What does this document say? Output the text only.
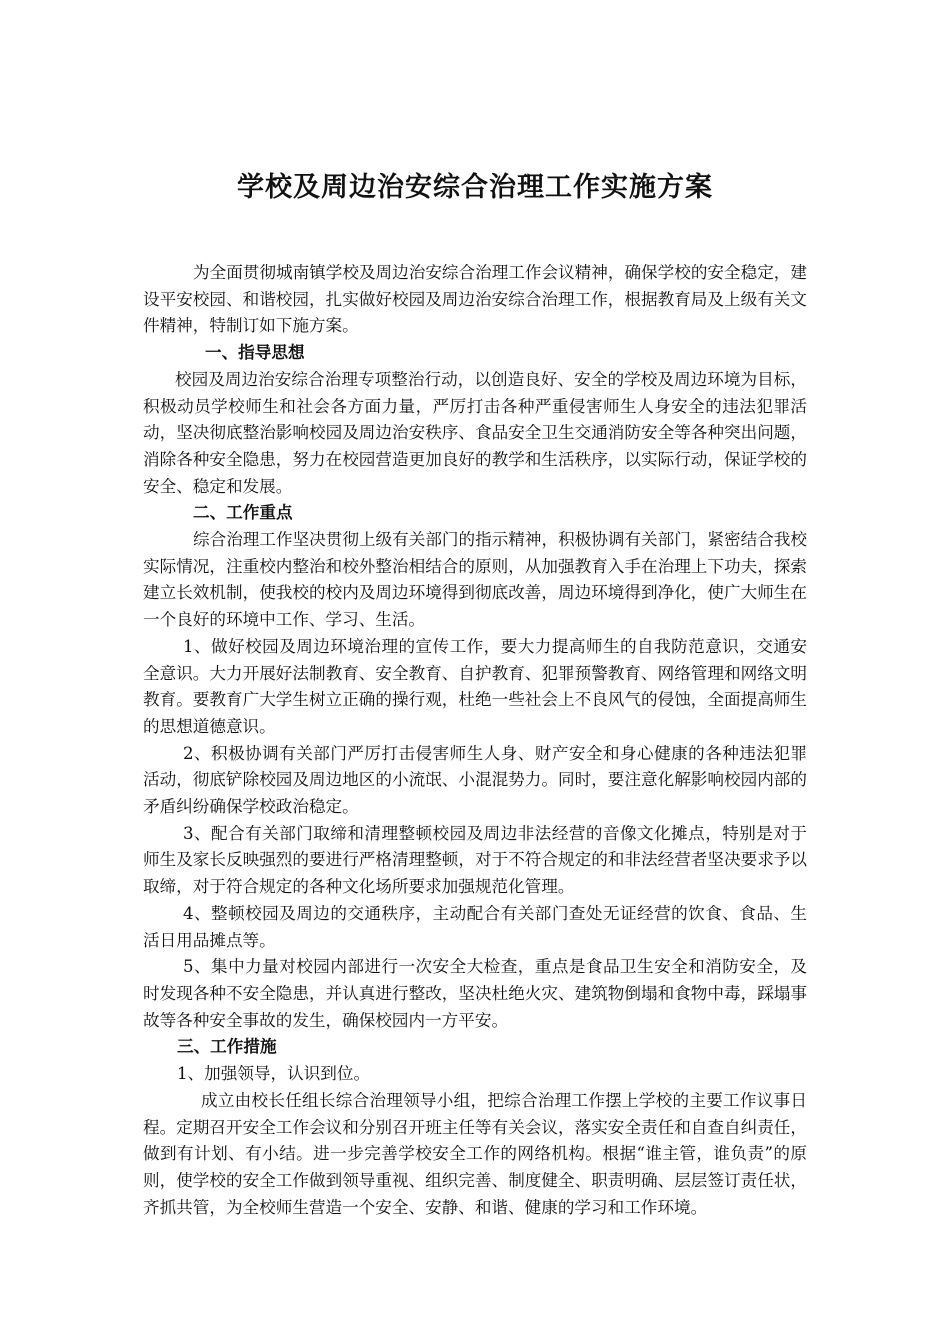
学校及周边治安综合治理工作实施方案

为全面贯彻城南镇学校及周边治安综合治理工作会议精神，确保学校的安全稳定，建设平安校园、和谐校园，扎实做好校园及周边治安综合治理工作，根据教育局及上级有关文件精神，特制订如下施方案。

一、指导思想

校园及周边治安综合治理专项整治行动，以创造良好、安全的学校及周边环境为目标，积极动员学校师生和社会各方面力量，严厉打击各种严重侵害师生人身安全的违法犯罪活动，坚决彻底整治影响校园及周边治安秩序、食品安全卫生交通消防安全等各种突出问题，消除各种安全隐患，努力在校园营造更加良好的教学和生活秩序，以实际行动，保证学校的安全、稳定和发展。

二、工作重点

综合治理工作坚决贯彻上级有关部门的指示精神，积极协调有关部门，紧密结合我校实际情况，注重校内整治和校外整治相结合的原则，从加强教育入手在治理上下功夫，探索建立长效机制，使我校的校内及周边环境得到彻底改善，周边环境得到净化，使广大师生在一个良好的环境中工作、学习、生活。

1、做好校园及周边环境治理的宣传工作，要大力提高师生的自我防范意识，交通安全意识。大力开展好法制教育、安全教育、自护教育、犯罪预警教育、网络管理和网络文明教育。要教育广大学生树立正确的操行观，杜绝一些社会上不良风气的侵蚀，全面提高师生的思想道德意识。

2、积极协调有关部门严厉打击侵害师生人身、财产安全和身心健康的各种违法犯罪活动，彻底铲除校园及周边地区的小流氓、小混混势力。同时，要注意化解影响校园内部的矛盾纠纷确保学校政治稳定。

3、配合有关部门取缔和清理整顿校园及周边非法经营的音像文化摊点，特别是对于师生及家长反映强烈的要进行严格清理整顿，对于不符合规定的和非法经营者坚决要求予以取缔，对于符合规定的各种文化场所要求加强规范化管理。

4、整顿校园及周边的交通秩序，主动配合有关部门查处无证经营的饮食、食品、生活日用品摊点等。

5、集中力量对校园内部进行一次安全大检查，重点是食品卫生安全和消防安全，及时发现各种不安全隐患，并认真进行整改，坚决杜绝火灾、建筑物倒塌和食物中毒，踩塌事故等各种安全事故的发生，确保校园内一方平安。

三、工作措施

1、加强领导，认识到位。

成立由校长任组长综合治理领导小组，把综合治理工作摆上学校的主要工作议事日程。定期召开安全工作会议和分别召开班主任等有关会议，落实安全责任和自查自纠责任，做到有计划、有小结。进一步完善学校安全工作的网络机构。根据“谁主管，谁负责”的原则，使学校的安全工作做到领导重视、组织完善、制度健全、职责明确、层层签订责任状，齐抓共管，为全校师生营造一个安全、安静、和谐、健康的学习和工作环境。
